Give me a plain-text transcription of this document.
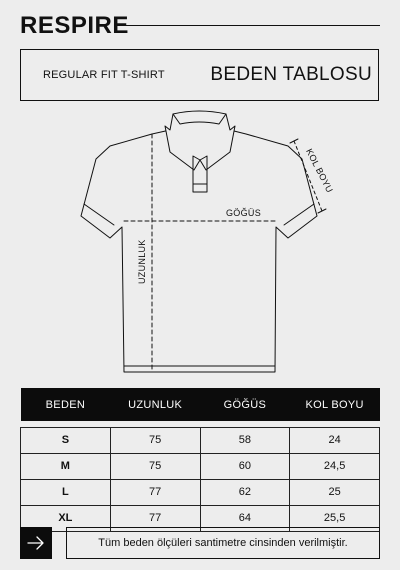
RESPIRE
REGULAR FIT T-SHIRT BEDEN TABLOSU
GÖĞÜS
UZUNLUK
KOL BOYU
BEDEN	UZUNLUK	GÖĞÜS	KOL BOYU

S	75	58	24
M	75	60	24,5
L	77	62	25
XL	77	64	25,5
Tüm beden ölçüleri santimetre cinsinden verilmiştir.
